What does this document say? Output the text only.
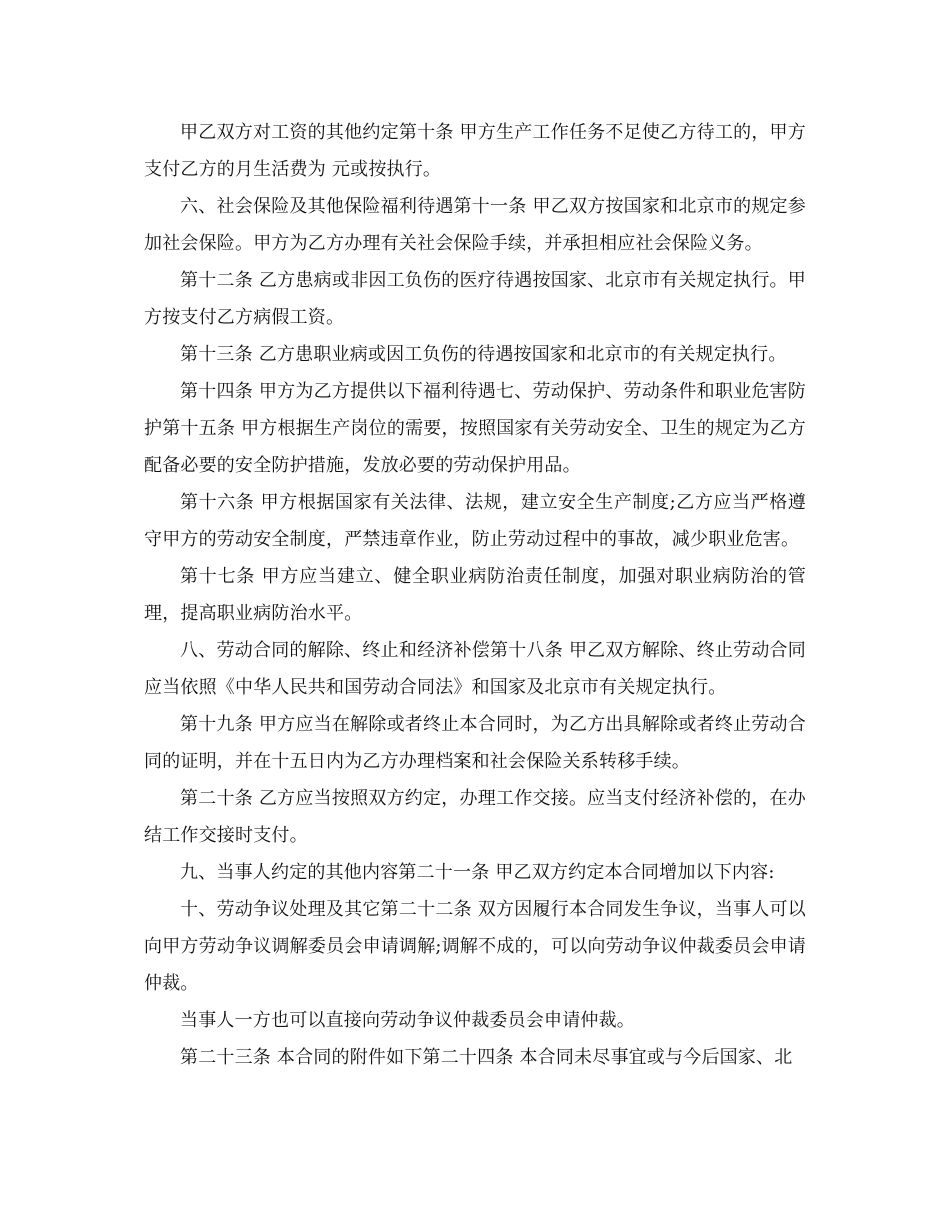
甲乙双方对工资的其他约定第十条 甲方生产工作任务不足使乙方待工的，甲方支付乙方的月生活费为 元或按执行。

六、社会保险及其他保险福利待遇第十一条 甲乙双方按国家和北京市的规定参加社会保险。甲方为乙方办理有关社会保险手续，并承担相应社会保险义务。

第十二条 乙方患病或非因工负伤的医疗待遇按国家、北京市有关规定执行。甲方按支付乙方病假工资。

第十三条 乙方患职业病或因工负伤的待遇按国家和北京市的有关规定执行。

第十四条 甲方为乙方提供以下福利待遇七、劳动保护、劳动条件和职业危害防护第十五条 甲方根据生产岗位的需要，按照国家有关劳动安全、卫生的规定为乙方配备必要的安全防护措施，发放必要的劳动保护用品。

第十六条 甲方根据国家有关法律、法规，建立安全生产制度;乙方应当严格遵守甲方的劳动安全制度，严禁违章作业，防止劳动过程中的事故，减少职业危害。

第十七条 甲方应当建立、健全职业病防治责任制度，加强对职业病防治的管理，提高职业病防治水平。

八、劳动合同的解除、终止和经济补偿第十八条 甲乙双方解除、终止劳动合同应当依照《中华人民共和国劳动合同法》和国家及北京市有关规定执行。

第十九条 甲方应当在解除或者终止本合同时，为乙方出具解除或者终止劳动合同的证明，并在十五日内为乙方办理档案和社会保险关系转移手续。

第二十条 乙方应当按照双方约定，办理工作交接。应当支付经济补偿的，在办结工作交接时支付。

九、当事人约定的其他内容第二十一条 甲乙双方约定本合同增加以下内容:

十、劳动争议处理及其它第二十二条 双方因履行本合同发生争议，当事人可以向甲方劳动争议调解委员会申请调解;调解不成的，可以向劳动争议仲裁委员会申请仲裁。

当事人一方也可以直接向劳动争议仲裁委员会申请仲裁。

第二十三条 本合同的附件如下第二十四条 本合同未尽事宜或与今后国家、北
